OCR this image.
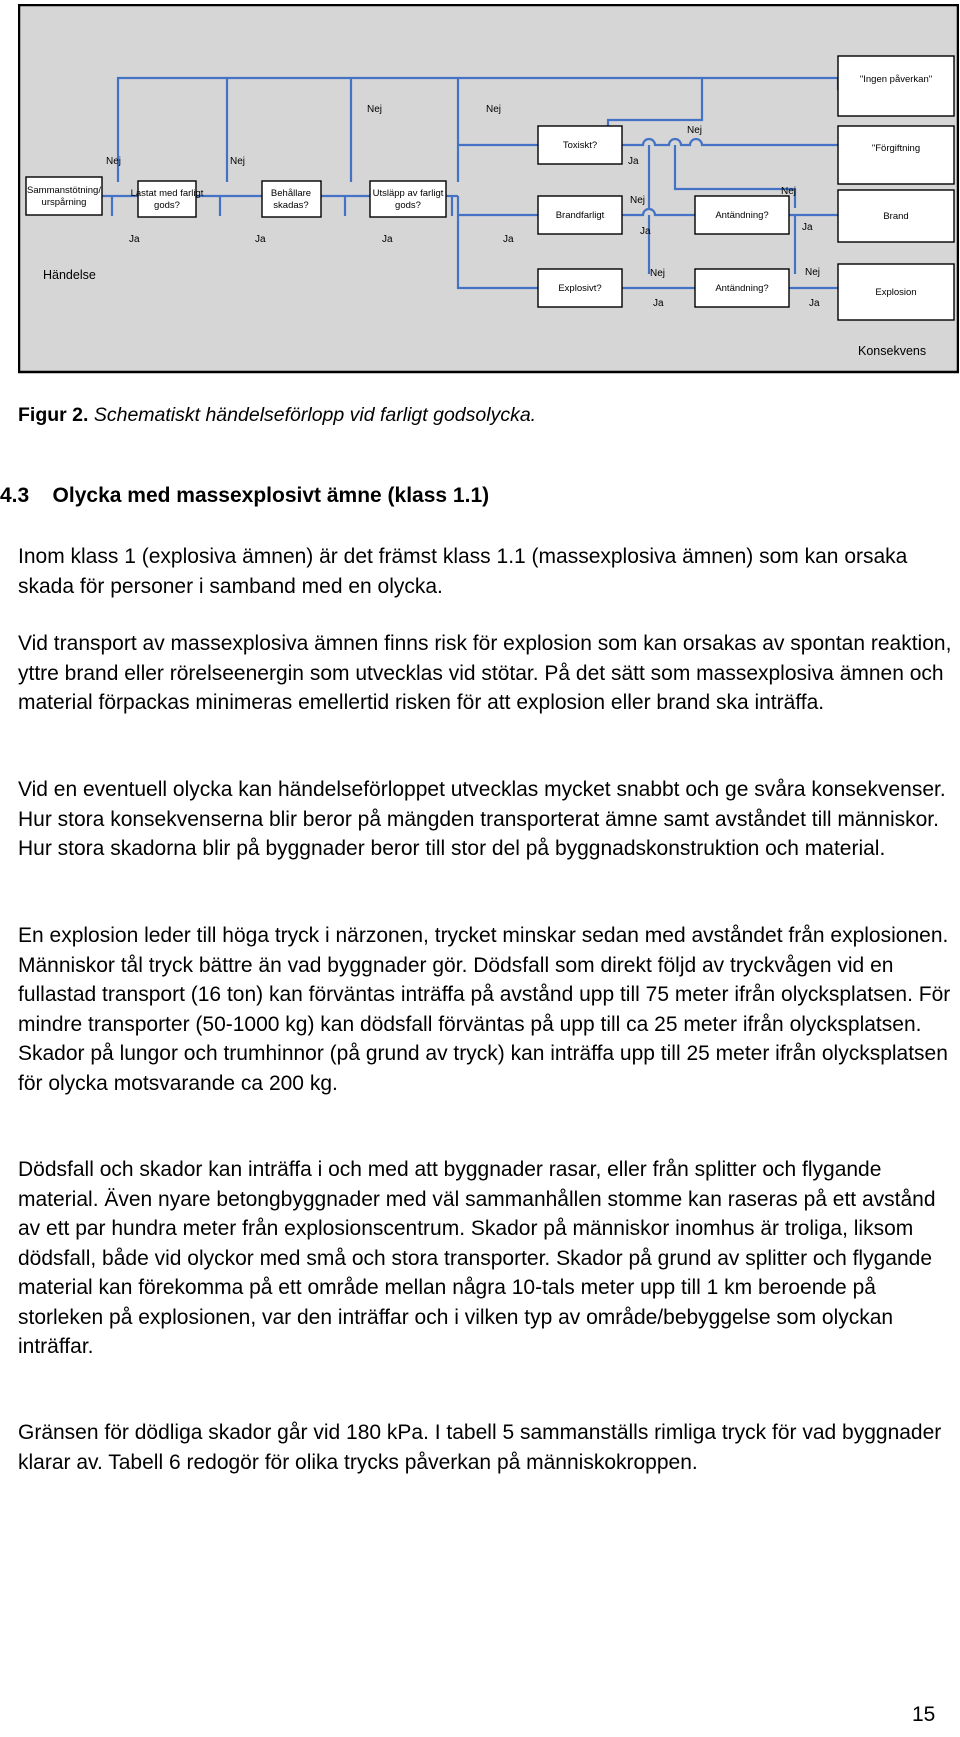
Sammanstötning/ urspårning
Lastat med farligt gods?
Behållare skadas?
Utsläpp av farligt gods?
Toxiskt?
Brandfarligt
Explosivt?
Antändning?
Antändning?
"Ingen påverkan"
"Förgiftning
Brand
Explosion
Nej	Nej
Nej	Nej
Nej
Nej
Nej
Nej	Nej
Ja	Ja	Ja	Ja
Ja
Ja	Ja
Ja	Ja
Händelse
Konsekvens
Figur 2. Schematiskt händelseförlopp vid farligt godsolycka.
4.3 Olycka med massexplosivt ämne (klass 1.1)

Inom klass 1 (explosiva ämnen) är det främst klass 1.1 (massexplosiva ämnen) som kan orsaka skada för personer i samband med en olycka.

Vid transport av massexplosiva ämnen finns risk för explosion som kan orsakas av spontan reaktion, yttre brand eller rörelseenergin som utvecklas vid stötar. På det sätt som massexplosiva ämnen och material förpackas minimeras emellertid risken för att explosion eller brand ska inträffa.

Vid en eventuell olycka kan händelseförloppet utvecklas mycket snabbt och ge svåra konsekvenser. Hur stora konsekvenserna blir beror på mängden transporterat ämne samt avståndet till människor. Hur stora skadorna blir på byggnader beror till stor del på byggnadskonstruktion och material.

En explosion leder till höga tryck i närzonen, trycket minskar sedan med avståndet från explosionen. Människor tål tryck bättre än vad byggnader gör. Dödsfall som direkt följd av tryckvågen vid en fullastad transport (16 ton) kan förväntas inträffa på avstånd upp till 75 meter ifrån olycksplatsen. För mindre transporter (50-1000 kg) kan dödsfall förväntas på upp till ca 25 meter ifrån olycksplatsen. Skador på lungor och trumhinnor (på grund av tryck) kan inträffa upp till 25 meter ifrån olycksplatsen för olycka motsvarande ca 200 kg.

Dödsfall och skador kan inträffa i och med att byggnader rasar, eller från splitter och flygande material. Även nyare betongbyggnader med väl sammanhållen stomme kan raseras på ett avstånd av ett par hundra meter från explosionscentrum. Skador på människor inomhus är troliga, liksom dödsfall, både vid olyckor med små och stora transporter. Skador på grund av splitter och flygande material kan förekomma på ett område mellan några 10-tals meter upp till 1 km beroende på storleken på explosionen, var den inträffar och i vilken typ av område/bebyggelse som olyckan inträffar.

Gränsen för dödliga skador går vid 180 kPa. I tabell 5 sammanställs rimliga tryck för vad byggnader klarar av. Tabell 6 redogör för olika trycks påverkan på människokroppen.

15
